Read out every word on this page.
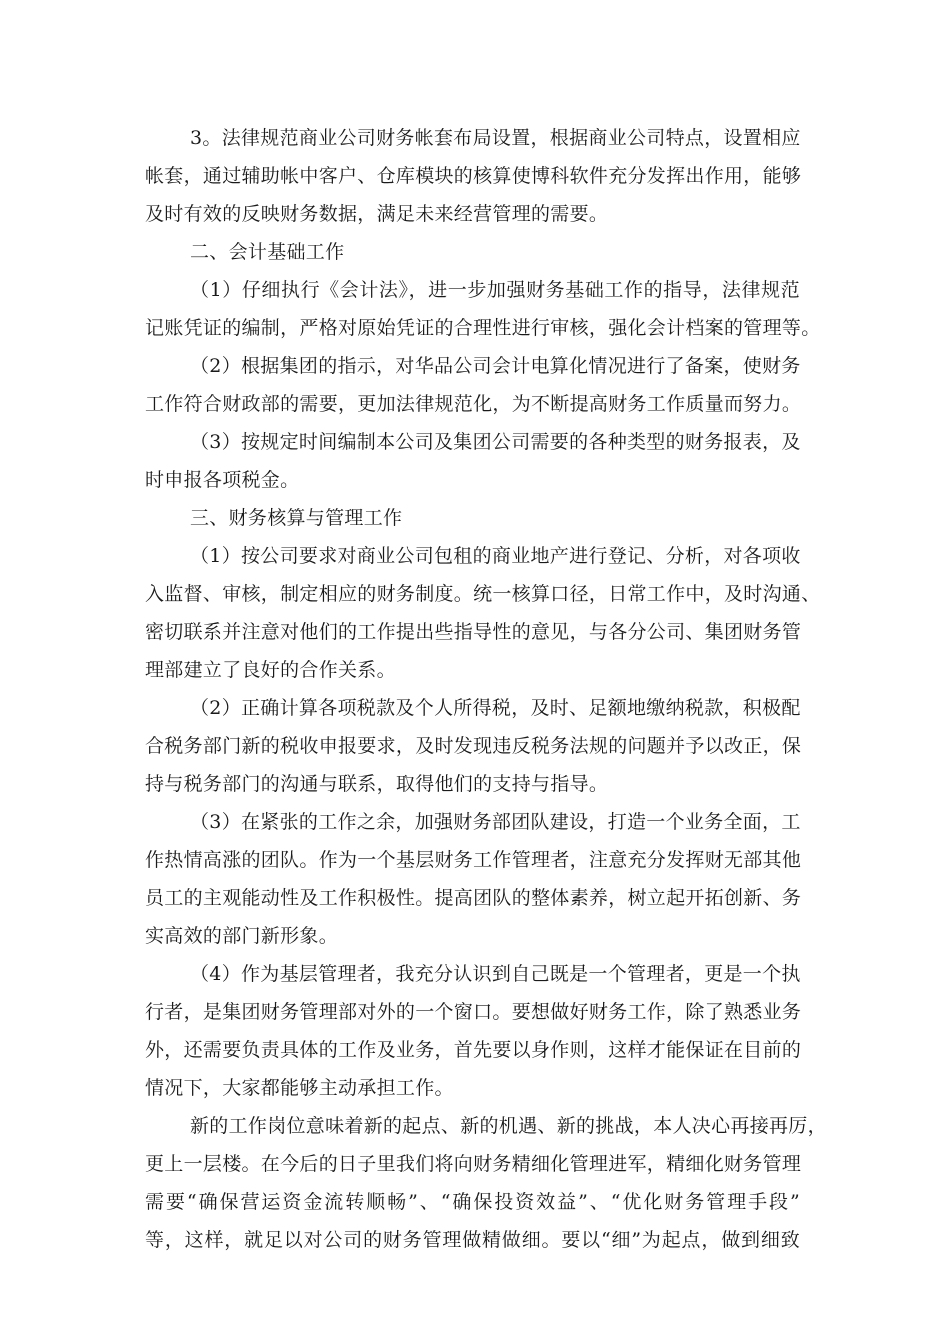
3。法律规范商业公司财务帐套布局设置，根据商业公司特点，设置相应
帐套，通过辅助帐中客户、仓库模块的核算使博科软件充分发挥出作用，能够
及时有效的反映财务数据，满足未来经营管理的需要。
二、会计基础工作
（1）仔细执行《会计法》，进一步加强财务基础工作的指导，法律规范
记账凭证的编制，严格对原始凭证的合理性进行审核，强化会计档案的管理等。
（2）根据集团的指示，对华品公司会计电算化情况进行了备案，使财务
工作符合财政部的需要，更加法律规范化，为不断提高财务工作质量而努力。
（3）按规定时间编制本公司及集团公司需要的各种类型的财务报表，及
时申报各项税金。
三、财务核算与管理工作
（1）按公司要求对商业公司包租的商业地产进行登记、分析，对各项收
入监督、审核，制定相应的财务制度。统一核算口径，日常工作中，及时沟通、
密切联系并注意对他们的工作提出些指导性的意见，与各分公司、集团财务管
理部建立了良好的合作关系。
（2）正确计算各项税款及个人所得税，及时、足额地缴纳税款，积极配
合税务部门新的税收申报要求，及时发现违反税务法规的问题并予以改正，保
持与税务部门的沟通与联系，取得他们的支持与指导。
（3）在紧张的工作之余，加强财务部团队建设，打造一个业务全面，工
作热情高涨的团队。作为一个基层财务工作管理者，注意充分发挥财无部其他
员工的主观能动性及工作积极性。提高团队的整体素养，树立起开拓创新、务
实高效的部门新形象。
（4）作为基层管理者，我充分认识到自己既是一个管理者，更是一个执
行者，是集团财务管理部对外的一个窗口。要想做好财务工作，除了熟悉业务
外，还需要负责具体的工作及业务，首先要以身作则，这样才能保证在目前的
情况下，大家都能够主动承担工作。
新的工作岗位意味着新的起点、新的机遇、新的挑战，本人决心再接再厉，
更上一层楼。在今后的日子里我们将向财务精细化管理进军，精细化财务管理
需要“确保营运资金流转顺畅”、“确保投资效益”、“优化财务管理手段”
等，这样，就足以对公司的财务管理做精做细。要以“细”为起点，做到细致
